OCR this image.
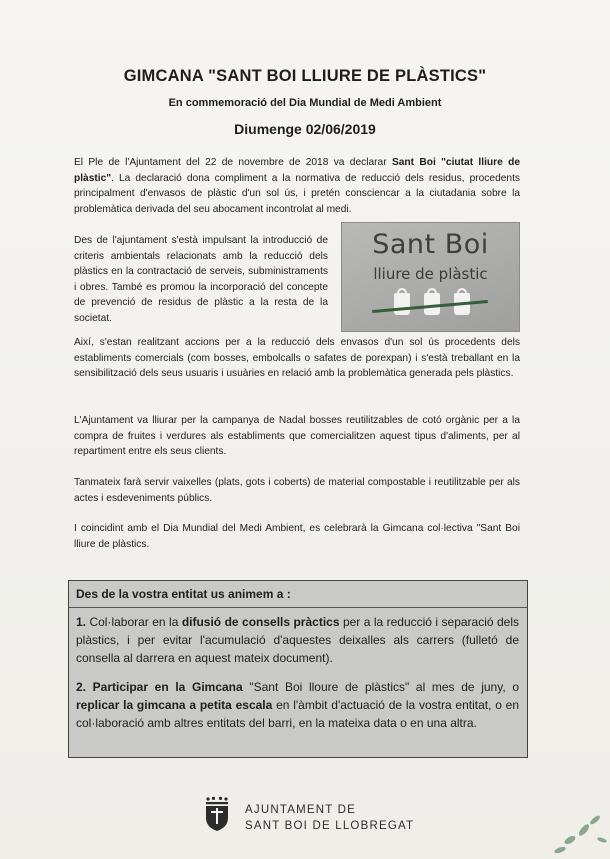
GIMCANA "SANT BOI LLIURE DE PLÀSTICS"
En commemoració del Dia Mundial de Medi Ambient
Diumenge 02/06/2019

El Ple de l'Ajuntament del 22 de novembre de 2018 va declarar Sant Boi "ciutat lliure de plàstic". La declaració dona compliment a la normativa de reducció dels residus, procedents principalment d'envasos de plàstic d'un sol ús, i pretén consciencar a la ciutadania sobre la problemàtica derivada del seu abocament incontrolat al medi.

Des de l'ajuntament s'està impulsant la introducció de criteris ambientals relacionats amb la reducció dels plàstics en la contractació de serveis, subministraments i obres. També es promou la incorporació del concepte de prevenció de residus de plàstic a la resta de la societat.

Sant Boi
lliure de plàstic

Així, s'estan realitzant accions per a la reducció dels envasos d'un sol ús procedents dels establiments comercials (com bosses, embolcalls o safates de porexpan) i s'està treballant en la sensibilització dels seus usuaris i usuàries en relació amb la problemàtica generada pels plàstics.

L'Ajuntament va lliurar per la campanya de Nadal bosses reutilitzables de cotó orgànic per a la compra de fruites i verdures als establiments que comercialitzen aquest tipus d'aliments, per al repartiment entre els seus clients.

Tanmateix farà servir vaixelles (plats, gots i coberts) de material compostable i reutilitzable per als actes i esdeveniments públics.

I coincidint amb el Dia Mundial del Medi Ambient, es celebrarà la Gimcana col·lectiva "Sant Boi lliure de plàstics.

Des de la vostra entitat us animem a :

1. Col·laborar en la difusió de consells pràctics per a la reducció i separació dels plàstics, i per evitar l'acumulació d'aquestes deixalles als carrers (fulletó de consella al darrera en aquest mateix document).

2. Participar en la Gimcana "Sant Boi lloure de plàstics" al mes de juny, o replicar la gimcana a petita escala en l'àmbit d'actuació de la vostra entitat, o en col·laboració amb altres entitats del barri, en la mateixa data o en una altra.

AJUNTAMENT DE
SANT BOI DE LLOBREGAT
